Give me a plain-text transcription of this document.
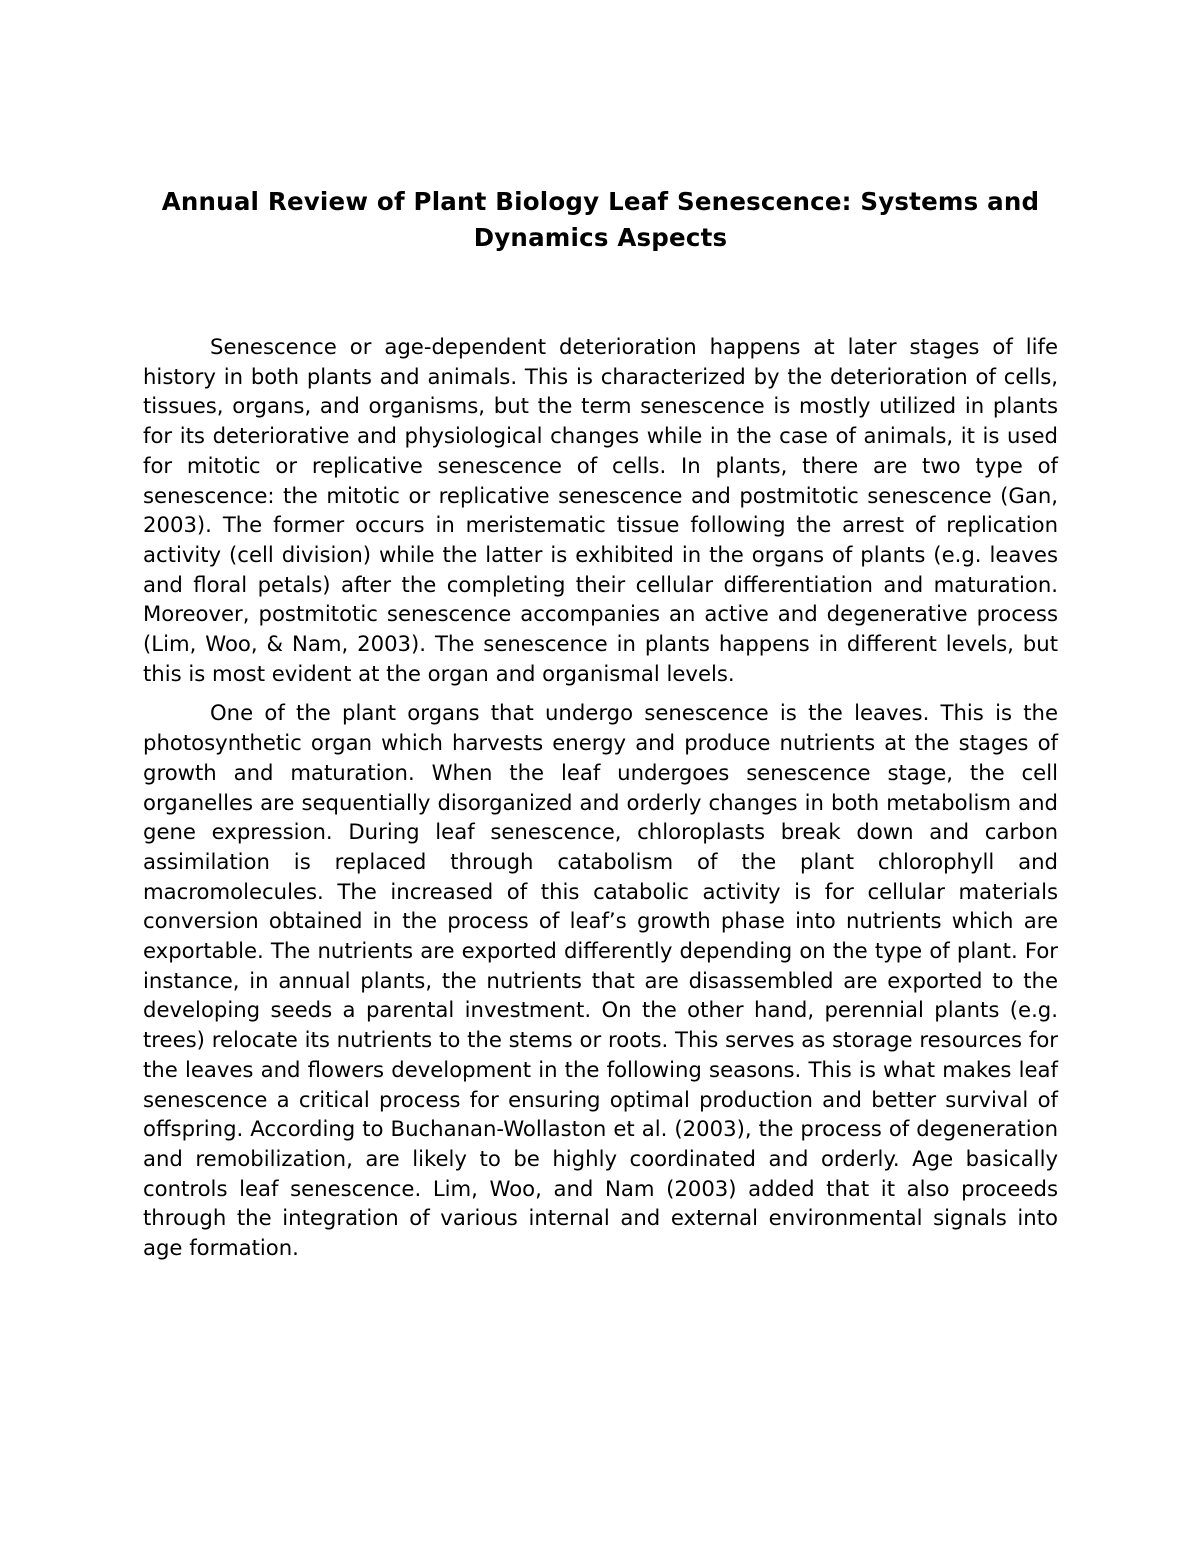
Annual Review of Plant Biology Leaf Senescence: Systems and Dynamics Aspects

Senescence or age-dependent deterioration happens at later stages of life history in both plants and animals. This is characterized by the deterioration of cells, tissues, organs, and organisms, but the term senescence is mostly utilized in plants for its deteriorative and physiological changes while in the case of animals, it is used for mitotic or replicative senescence of cells. In plants, there are two type of senescence: the mitotic or replicative senescence and postmitotic senescence (Gan, 2003). The former occurs in meristematic tissue following the arrest of replication activity (cell division) while the latter is exhibited in the organs of plants (e.g. leaves and floral petals) after the completing their cellular differentiation and maturation. Moreover, postmitotic senescence accompanies an active and degenerative process (Lim, Woo, & Nam, 2003). The senescence in plants happens in different levels, but this is most evident at the organ and organismal levels.

One of the plant organs that undergo senescence is the leaves. This is the photosynthetic organ which harvests energy and produce nutrients at the stages of growth and maturation. When the leaf undergoes senescence stage, the cell organelles are sequentially disorganized and orderly changes in both metabolism and gene expression. During leaf senescence, chloroplasts break down and carbon assimilation is replaced through catabolism of the plant chlorophyll and macromolecules. The increased of this catabolic activity is for cellular materials conversion obtained in the process of leaf’s growth phase into nutrients which are exportable. The nutrients are exported differently depending on the type of plant. For instance, in annual plants, the nutrients that are disassembled are exported to the developing seeds a parental investment. On the other hand, perennial plants (e.g. trees) relocate its nutrients to the stems or roots. This serves as storage resources for the leaves and flowers development in the following seasons. This is what makes leaf senescence a critical process for ensuring optimal production and better survival of offspring. According to Buchanan-Wollaston et al. (2003), the process of degeneration and remobilization, are likely to be highly coordinated and orderly. Age basically controls leaf senescence. Lim, Woo, and Nam (2003) added that it also proceeds through the integration of various internal and external environmental signals into age formation.
